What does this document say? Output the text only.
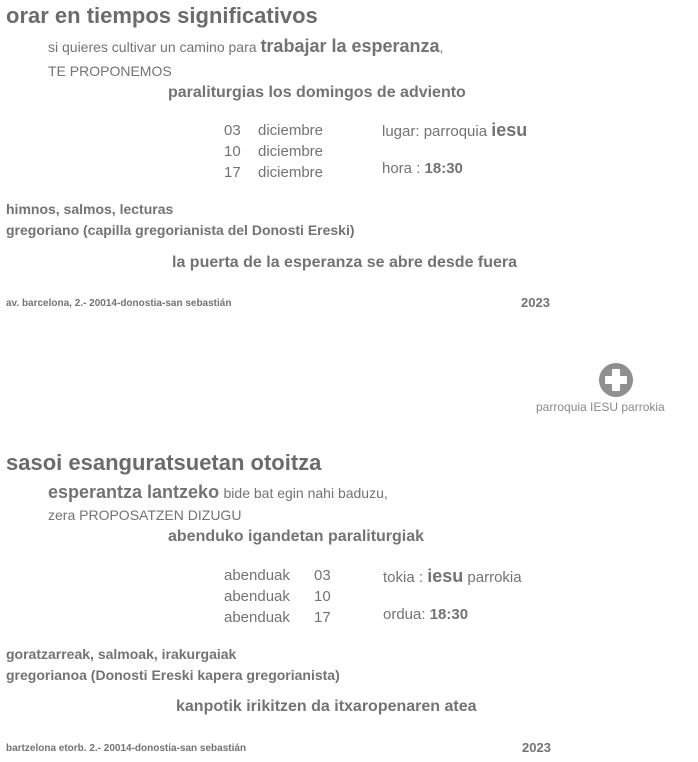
orar en tiempos significativos
si quieres cultivar un camino para trabajar la esperanza,
TE PROPONEMOS
paraliturgias los domingos de adviento
03	diciembre
10	diciembre
17	diciembre
lugar: parroquia iesu
hora : 18:30
himnos, salmos, lecturas
gregoriano (capilla gregorianista del Donosti Ereski)
la puerta de la esperanza se abre desde fuera
av. barcelona, 2.- 20014-donostia-san sebastián	2023
parroquia IESU parrokia
sasoi esanguratsuetan otoitza
esperantza lantzeko bide bat egin nahi baduzu,
zera PROPOSATZEN DIZUGU
abenduko igandetan paraliturgiak
abenduak	03
abenduak	10
abenduak	17
tokia : iesu parrokia
ordua: 18:30
goratzarreak, salmoak, irakurgaiak
gregorianoa (Donosti Ereski kapera gregorianista)
kanpotik irikitzen da itxaropenaren atea
bartzelona etorb. 2.- 20014-donostia-san sebastián	2023
